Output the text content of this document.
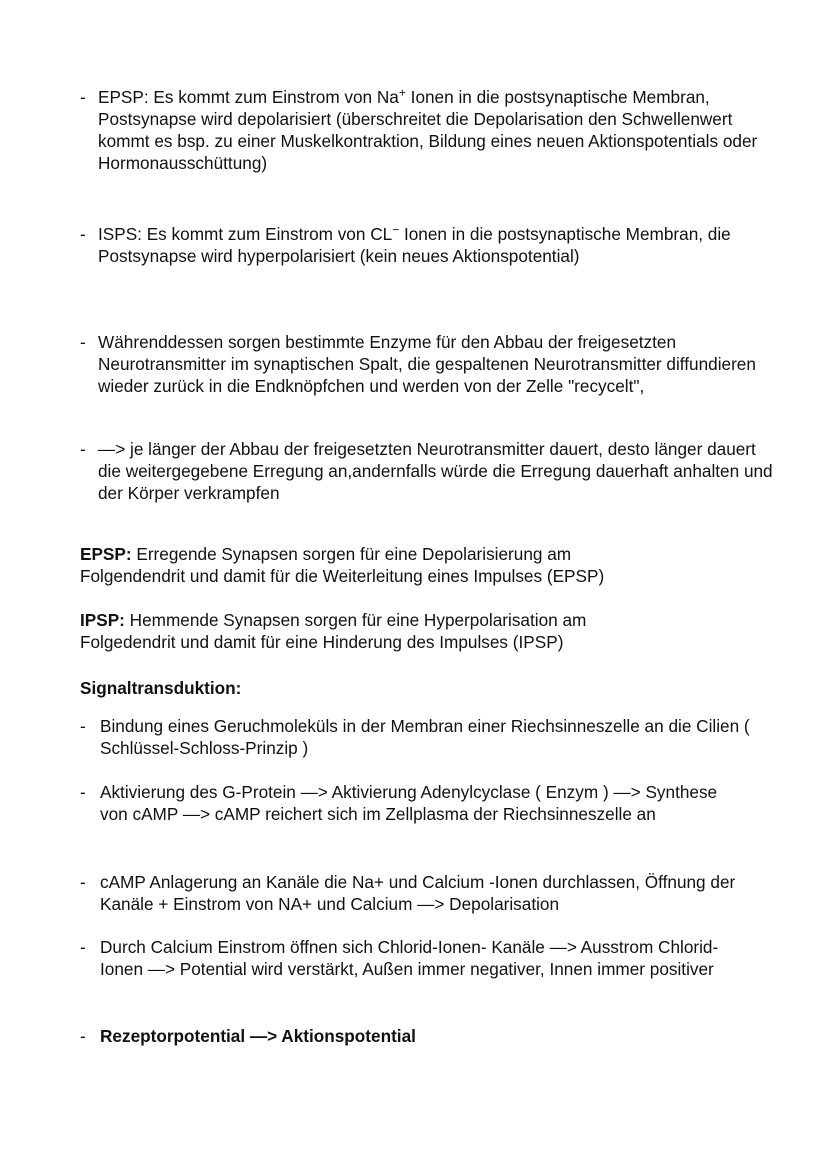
- EPSP: Es kommt zum Einstrom von Na+ Ionen in die postsynaptische Membran, Postsynapse wird depolarisiert (überschreitet die Depolarisation den Schwellenwert kommt es bsp. zu einer Muskelkontraktion, Bildung eines neuen Aktionspotentials oder Hormonausschüttung)
- ISPS: Es kommt zum Einstrom von CL− Ionen in die postsynaptische Membran, die Postsynapse wird hyperpolarisiert (kein neues Aktionspotential)
- Währenddessen sorgen bestimmte Enzyme für den Abbau der freigesetzten Neurotransmitter im synaptischen Spalt, die gespaltenen Neurotransmitter diffundieren wieder zurück in die Endknöpfchen und werden von der Zelle "recycelt",
- —> je länger der Abbau der freigesetzten Neurotransmitter dauert, desto länger dauert die weitergegebene Erregung an,andernfalls würde die Erregung dauerhaft anhalten und der Körper verkrampfen
EPSP: Erregende Synapsen sorgen für eine Depolarisierung am Folgendendrit und damit für die Weiterleitung eines Impulses (EPSP)
IPSP: Hemmende Synapsen sorgen für eine Hyperpolarisation am Folgedendrit und damit für eine Hinderung des Impulses (IPSP)
Signaltransduktion:
- Bindung eines Geruchmoleküls in der Membran einer Riechsinneszelle an die Cilien ( Schlüssel-Schloss-Prinzip )
- Aktivierung des G-Protein —> Aktivierung Adenylcyclase ( Enzym ) —> Synthese von cAMP —> cAMP reichert sich im Zellplasma der Riechsinneszelle an
- cAMP Anlagerung an Kanäle die Na+ und Calcium -Ionen durchlassen, Öffnung der Kanäle + Einstrom von NA+ und Calcium —> Depolarisation
- Durch Calcium Einstrom öffnen sich Chlorid-Ionen- Kanäle —> Ausstrom Chlorid-Ionen —> Potential wird verstärkt, Außen immer negativer, Innen immer positiver
- Rezeptorpotential —> Aktionspotential
